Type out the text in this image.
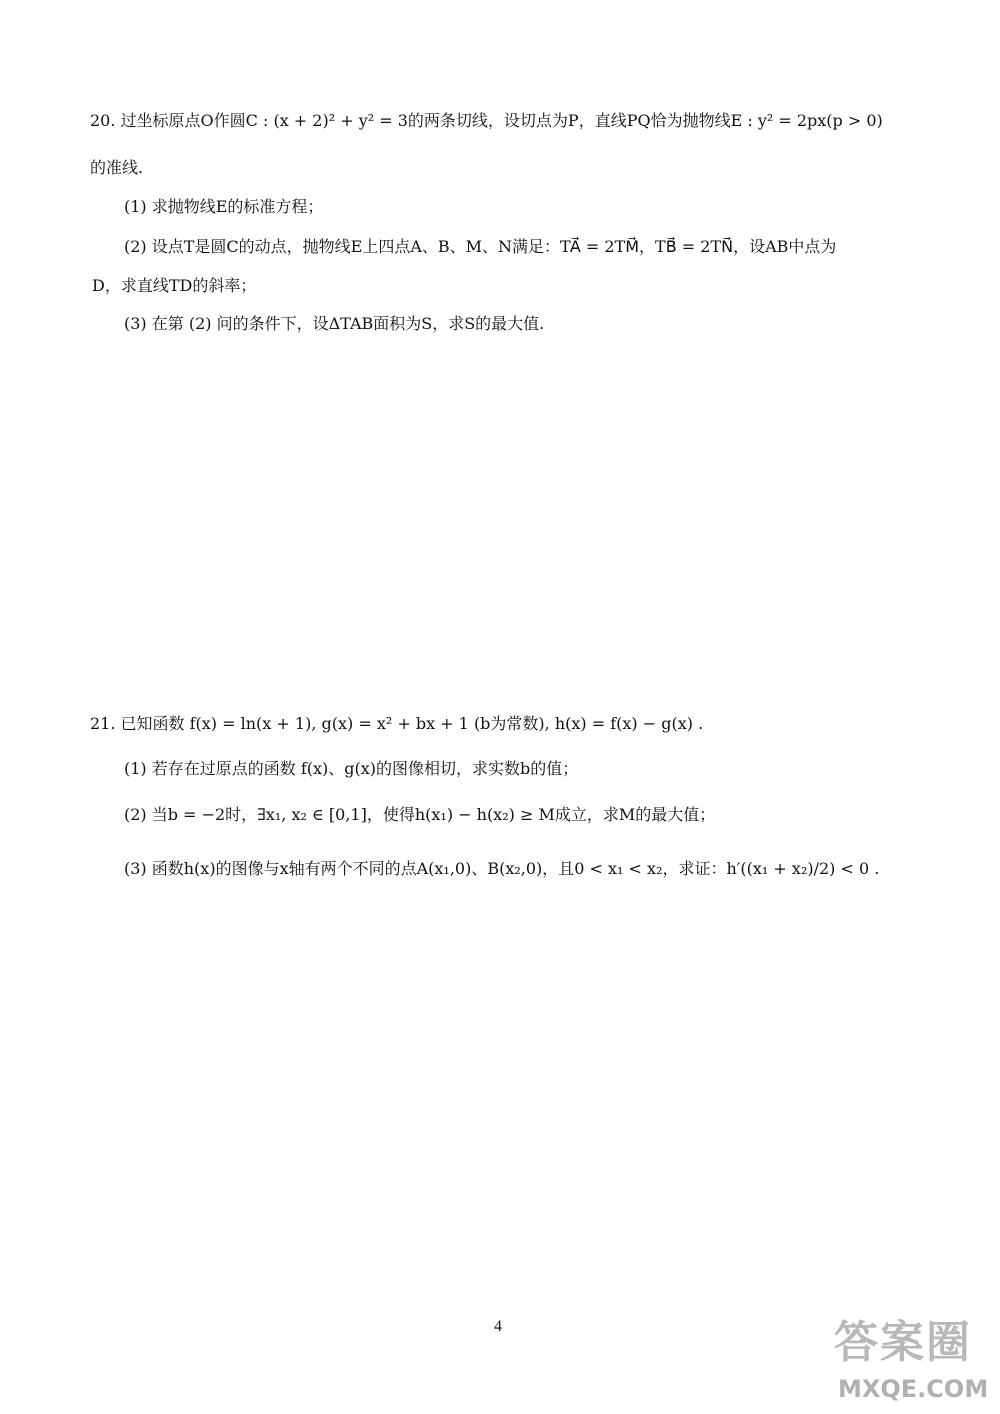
20. 过坐标原点O作圆C : (x + 2)² + y² = 3的两条切线，设切点为P，直线PQ恰为抛物线E : y² = 2px(p > 0)
的准线.
(1) 求抛物线E的标准方程；
(2) 设点T是圆C的动点，抛物线E上四点A、B、M、N满足：TA⃗ = 2TM⃗，TB⃗ = 2TN⃗，设AB中点为
D，求直线TD的斜率；
(3) 在第 (2) 问的条件下，设ΔTAB面积为S，求S的最大值.
21. 已知函数 f(x) = ln(x + 1), g(x) = x² + bx + 1 (b为常数), h(x) = f(x) − g(x) .
(1) 若存在过原点的函数 f(x)、g(x)的图像相切，求实数b的值；
(2) 当b = −2时，∃x₁, x₂ ∈ [0,1]，使得h(x₁) − h(x₂) ≥ M成立，求M的最大值；
(3) 函数h(x)的图像与x轴有两个不同的点A(x₁,0)、B(x₂,0)，且0 < x₁ < x₂，求证：h′((x₁ + x₂)/2) < 0 .
4	答案圈
MXQE.COM
